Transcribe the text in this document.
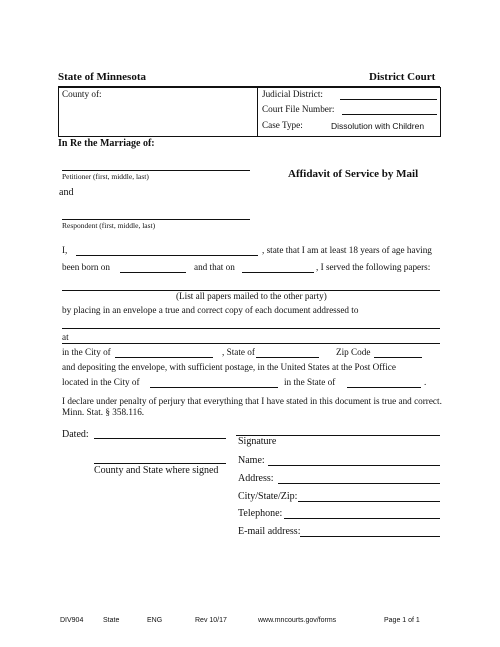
State of Minnesota	District Court
County of:	Judicial District:
Court File Number:
Case Type:	Dissolution with Children
In Re the Marriage of:
Petitioner (first, middle, last)
and
Respondent (first, middle, last)
Affidavit of Service by Mail
I,	, state that I am at least 18 years of age having
been born on	and that on	, I served the following papers:
(List all papers mailed to the other party)
by placing in an envelope a true and correct copy of each document addressed to
at
in the City of	, State of	Zip Code
and depositing the envelope, with sufficient postage, in the United States at the Post Office
located in the City of	in the State of	.
I declare under penalty of perjury that everything that I have stated in this document is true and correct. Minn. Stat. § 358.116.
Dated:
Signature
Name:
County and State where signed
Address:
City/State/Zip:
Telephone:
E-mail address:
DIV904	State	ENG	Rev 10/17	www.mncourts.gov/forms	Page 1 of 1
